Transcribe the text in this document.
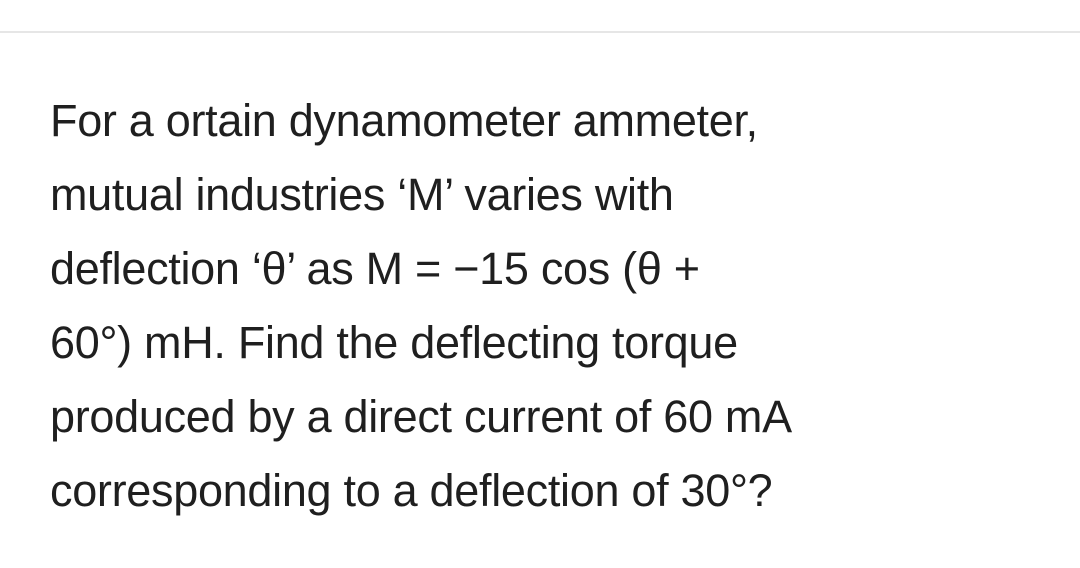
For a ortain dynamometer ammeter,
mutual industries ‘M’ varies with
deflection ‘θ’ as M = −15 cos (θ +
60°) mH. Find the deflecting torque
produced by a direct current of 60 mA
corresponding to a deflection of 30°?
